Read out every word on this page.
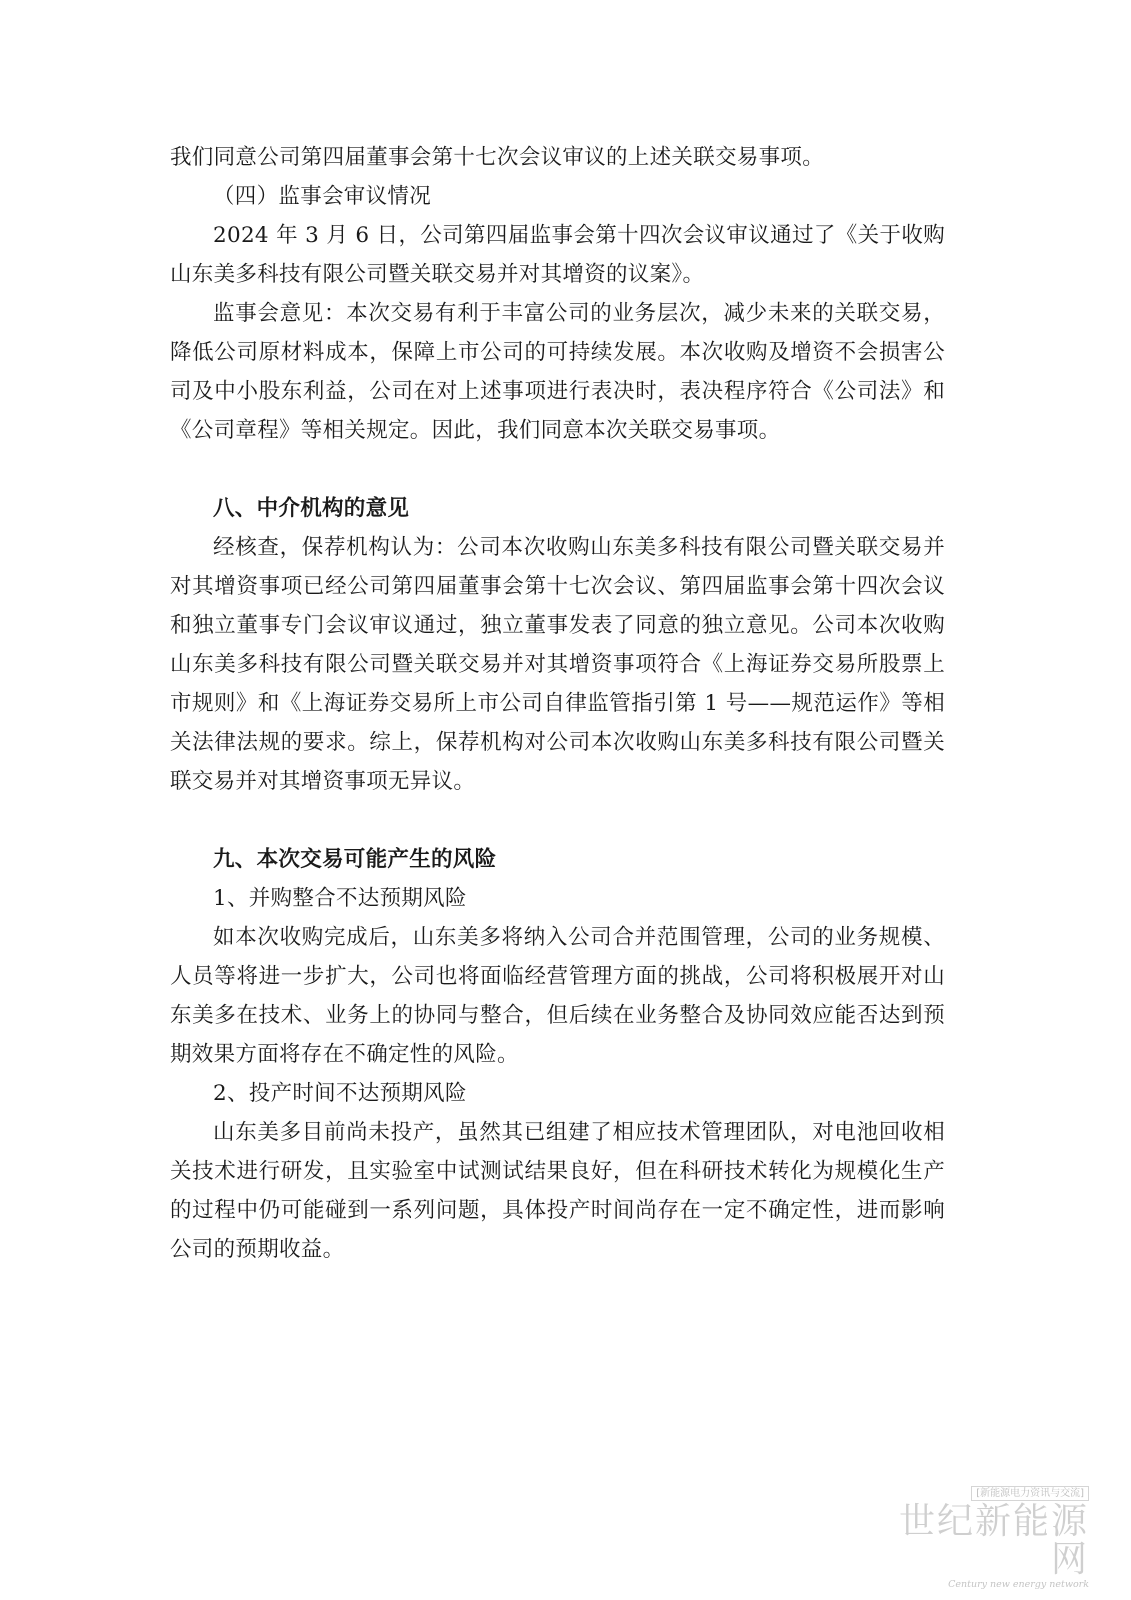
我们同意公司第四届董事会第十七次会议审议的上述关联交易事项。

（四）监事会审议情况

2024 年 3 月 6 日，公司第四届监事会第十四次会议审议通过了《关于收购山东美多科技有限公司暨关联交易并对其增资的议案》。

监事会意见：本次交易有利于丰富公司的业务层次，减少未来的关联交易，降低公司原材料成本，保障上市公司的可持续发展。本次收购及增资不会损害公司及中小股东利益，公司在对上述事项进行表决时，表决程序符合《公司法》和《公司章程》等相关规定。因此，我们同意本次关联交易事项。

八、中介机构的意见

经核查，保荐机构认为：公司本次收购山东美多科技有限公司暨关联交易并对其增资事项已经公司第四届董事会第十七次会议、第四届监事会第十四次会议和独立董事专门会议审议通过，独立董事发表了同意的独立意见。公司本次收购山东美多科技有限公司暨关联交易并对其增资事项符合《上海证券交易所股票上市规则》和《上海证券交易所上市公司自律监管指引第 1 号——规范运作》等相关法律法规的要求。综上，保荐机构对公司本次收购山东美多科技有限公司暨关联交易并对其增资事项无异议。

九、本次交易可能产生的风险

1、并购整合不达预期风险

如本次收购完成后，山东美多将纳入公司合并范围管理，公司的业务规模、人员等将进一步扩大，公司也将面临经营管理方面的挑战，公司将积极展开对山东美多在技术、业务上的协同与整合，但后续在业务整合及协同效应能否达到预期效果方面将存在不确定性的风险。

2、投产时间不达预期风险

山东美多目前尚未投产，虽然其已组建了相应技术管理团队，对电池回收相关技术进行研发，且实验室中试测试结果良好，但在科研技术转化为规模化生产的过程中仍可能碰到一系列问题，具体投产时间尚存在一定不确定性，进而影响公司的预期收益。

[新能源电力资讯与交流]
世纪新能源网
Century new energy network
